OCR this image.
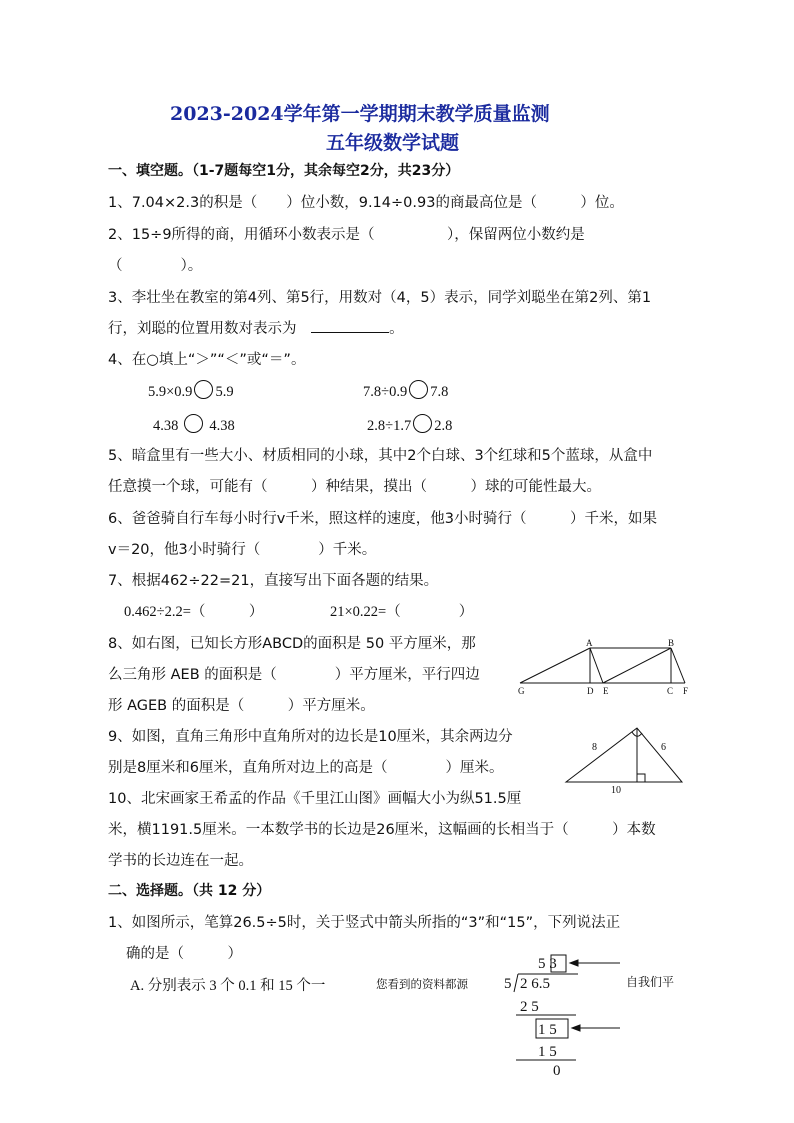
2023-2024学年第一学期期末教学质量监测
五年级数学试题
一、填空题。（1-7题每空1分，其余每空2分，共23分）
1、7.04×2.3的积是（　　）位小数，9.14÷0.93的商最高位是（　　　）位。
2、15÷9所得的商，用循环小数表示是（　　　　　），保留两位小数约是
（　　　　）。
3、李壮坐在教室的第4列、第5行，用数对（4，5）表示，同学刘聪坐在第2列、第1
行，刘聪的位置用数对表示为	。
4、在○填上“＞”“＜”或“＝”。
5.9×0.9 5.9	7.8÷0.9 7.8
4.38 4.38	2.8÷1.7 2.8
5、暗盒里有一些大小、材质相同的小球，其中2个白球、3个红球和5个蓝球，从盒中
任意摸一个球，可能有（　　　）种结果，摸出（　　　）球的可能性最大。
6、爸爸骑自行车每小时行v千米，照这样的速度，他3小时骑行（　　　）千米，如果
v＝20，他3小时骑行（　　　　）千米。
7、根据462÷22=21，直接写出下面各题的结果。
0.462÷2.2=（　　　）	21×0.22=（　　　　）
8、如右图，已知长方形ABCD的面积是 50 平方厘米，那
么三角形 AEB 的面积是（　　　　）平方厘米，平行四边
形 AGEB 的面积是（　　　）平方厘米。
A	B
G	D E	C F
9、如图，直角三角形中直角所对的边长是10厘米，其余两边分
别是8厘米和6厘米，直角所对边上的高是（　　　　）厘米。
8	6
10
10、北宋画家王希孟的作品《千里江山图》画幅大小为纵51.5厘
米，横1191.5厘米。一本数学书的长边是26厘米，这幅画的长相当于（　　　）本数
学书的长边连在一起。
二、选择题。（共 12 分）
1、如图所示，笔算26.5÷5时，关于竖式中箭头所指的“3”和“15”，下列说法正
确的是（　　　）
A. 分别表示 3 个 0.1 和 15 个一	您看到的资料都源	自我们平
5 3
5 2 6.5
2 5
1 5
1 5
0
